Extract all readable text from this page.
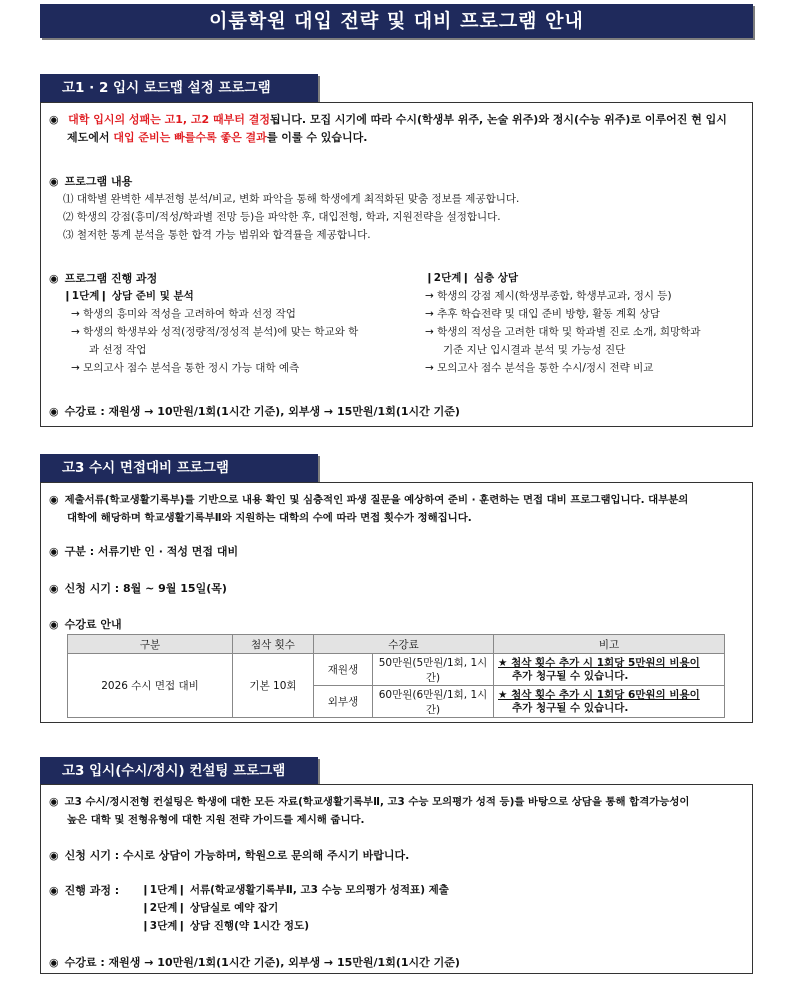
이룸학원 대입 전략 및 대비 프로그램 안내
고1 · 2 입시 로드맵 설정 프로그램
◉ 대학 입시의 성패는 고1, 고2 때부터 결정됩니다. 모집 시기에 따라 수시(학생부 위주, 논술 위주)와 정시(수능 위주)로 이루어진 현 입시
제도에서 대입 준비는 빠를수록 좋은 결과를 이룰 수 있습니다.
◉ 프로그램 내용
⑴ 대학별 완벽한 세부전형 분석/비교, 변화 파악을 통해 학생에게 최적화된 맞춤 정보를 제공합니다.
⑵ 학생의 강점(흥미/적성/학과별 전망 등)을 파악한 후, 대입전형, 학과, 지원전략을 설정합니다.
⑶ 철저한 통계 분석을 통한 합격 가능 범위와 합격률을 제공합니다.
◉ 프로그램 진행 과정
❙1단계❙ 상담 준비 및 분석
→ 학생의 흥미와 적성을 고려하여 학과 선정 작업
→ 학생의 학생부와 성적(정량적/정성적 분석)에 맞는 학교와 학
과 선정 작업
→ 모의고사 점수 분석을 통한 정시 가능 대학 예측
❙2단계❙ 심층 상담
→ 학생의 강점 제시(학생부종합, 학생부교과, 정시 등)
→ 추후 학습전략 및 대입 준비 방향, 활동 계획 상담
→ 학생의 적성을 고려한 대학 및 학과별 진로 소개, 희망학과
기준 지난 입시결과 분석 및 가능성 진단
→ 모의고사 점수 분석을 통한 수시/정시 전략 비교
◉ 수강료 : 재원생 → 10만원/1회(1시간 기준), 외부생 → 15만원/1회(1시간 기준)
고3 수시 면접대비 프로그램
◉ 제출서류(학교생활기록부)를 기반으로 내용 확인 및 심층적인 파생 질문을 예상하여 준비 · 훈련하는 면접 대비 프로그램입니다. 대부분의
대학에 해당하며 학교생활기록부Ⅱ와 지원하는 대학의 수에 따라 면접 횟수가 정해집니다.
◉ 구분 : 서류기반 인 · 적성 면접 대비
◉ 신청 시기 : 8월 ~ 9월 15일(목)
◉ 수강료 안내
구분	첨삭 횟수	수강료		비고
2026 수시 면접 대비	기본 10회	재원생	50만원(5만원/1회, 1시간)	★ 첨삭 횟수 추가 시 1회당 5만원의 비용이
추가 청구될 수 있습니다.
		외부생	60만원(6만원/1회, 1시간)	★ 첨삭 횟수 추가 시 1회당 6만원의 비용이
추가 청구될 수 있습니다.
고3 입시(수시/정시) 컨설팅 프로그램
◉ 고3 수시/정시전형 컨설팅은 학생에 대한 모든 자료(학교생활기록부Ⅱ, 고3 수능 모의평가 성적 등)를 바탕으로 상담을 통해 합격가능성이
높은 대학 및 전형유형에 대한 지원 전략 가이드를 제시해 줍니다.
◉ 신청 시기 : 수시로 상담이 가능하며, 학원으로 문의해 주시기 바랍니다.
◉ 진행 과정 : ❙1단계❙ 서류(학교생활기록부Ⅱ, 고3 수능 모의평가 성적표) 제출
❙2단계❙ 상담실로 예약 잡기
❙3단계❙ 상담 진행(약 1시간 정도)
◉ 수강료 : 재원생 → 10만원/1회(1시간 기준), 외부생 → 15만원/1회(1시간 기준)
